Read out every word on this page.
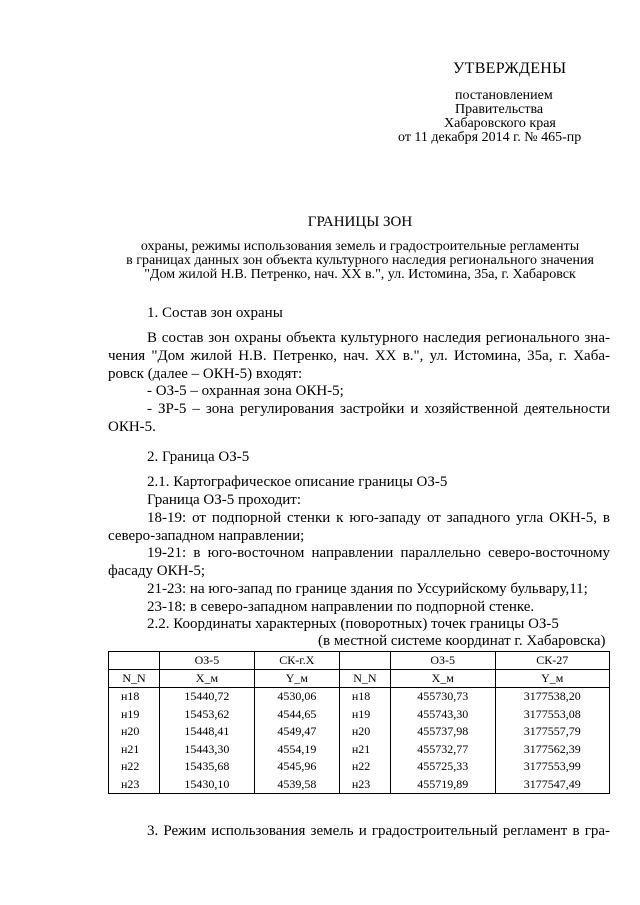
УТВЕРЖДЕНЫ
постановлением
Правительства
Хабаровского края
от 11 декабря 2014 г. № 465-пр
ГРАНИЦЫ ЗОН
охраны, режимы использования земель и градостроительные регламенты
в границах данных зон объекта культурного наследия регионального значения
"Дом жилой Н.В. Петренко, нач. XX в.", ул. Истомина, 35а, г. Хабаровск
1. Состав зон охраны
В состав зон охраны объекта культурного наследия регионального зна-
чения "Дом жилой Н.В. Петренко, нач. XX в.", ул. Истомина, 35а, г. Хаба-
ровск (далее – ОКН-5) входят:
- ОЗ-5 – охранная зона ОКН-5;
- ЗР-5 – зона регулирования застройки и хозяйственной деятельности
ОКН-5.
2. Граница ОЗ-5
2.1. Картографическое описание границы ОЗ-5
Граница ОЗ-5 проходит:
18-19: от подпорной стенки к юго-западу от западного угла ОКН-5, в
северо-западном направлении;
19-21: в юго-восточном направлении параллельно северо-восточному
фасаду ОКН-5;
21-23: на юго-запад по границе здания по Уссурийскому бульвару,11;
23-18: в северо-западном направлении по подпорной стенке.
2.2. Координаты характерных (поворотных) точек границы ОЗ-5
(в местной системе координат г. Хабаровска)
	ОЗ-5	СК-г.Х		ОЗ-5	СК-27
N_N	X_м	Y_м	N_N	X_м	Y_м
н18	15440,72	4530,06	н18	455730,73	3177538,20
н19	15453,62	4544,65	н19	455743,30	3177553,08
н20	15448,41	4549,47	н20	455737,98	3177557,79
н21	15443,30	4554,19	н21	455732,77	3177562,39
н22	15435,68	4545,96	н22	455725,33	3177553,99
н23	15430,10	4539,58	н23	455719,89	3177547,49
3. Режим использования земель и градостроительный регламент в гра-
